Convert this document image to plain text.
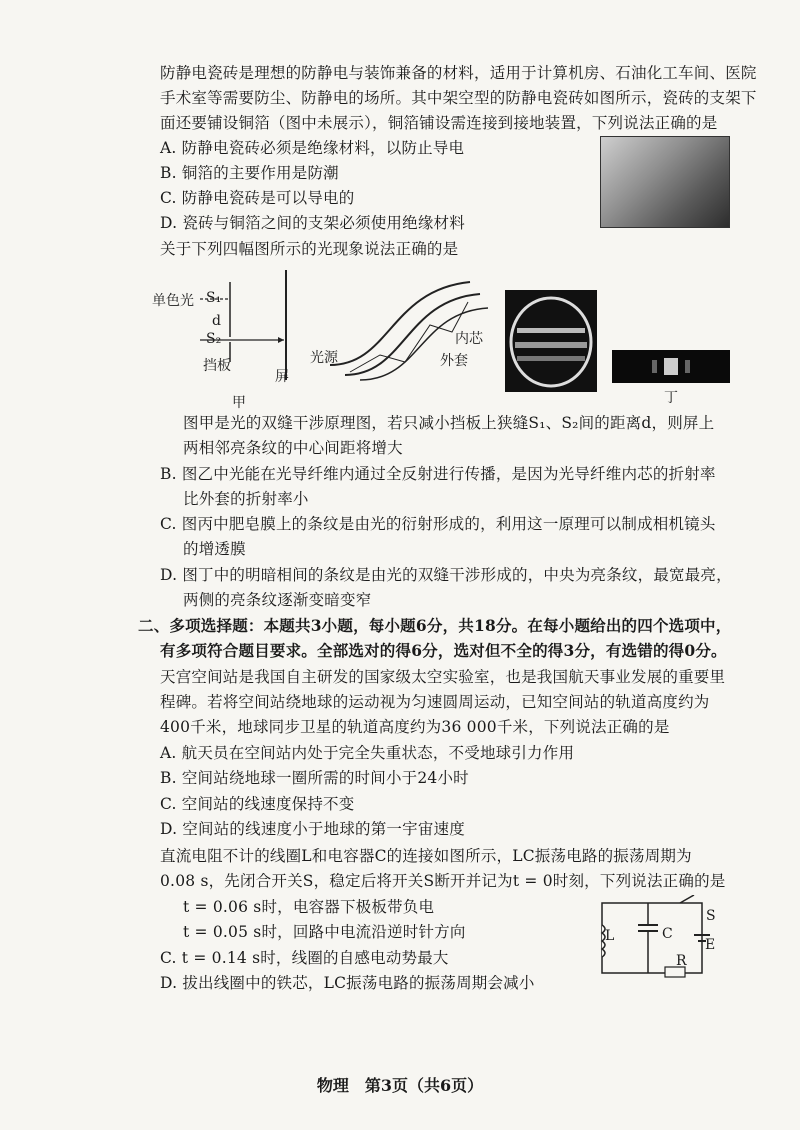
防静电瓷砖是理想的防静电与装饰兼备的材料，适用于计算机房、石油化工车间、医院
手术室等需要防尘、防静电的场所。其中架空型的防静电瓷砖如图所示，瓷砖的支架下
面还要铺设铜箔（图中未展示），铜箔铺设需连接到接地装置，下列说法正确的是
A. 防静电瓷砖必须是绝缘材料，以防止导电
B. 铜箔的主要作用是防潮
C. 防静电瓷砖是可以导电的
D. 瓷砖与铜箔之间的支架必须使用绝缘材料
关于下列四幅图所示的光现象说法正确的是
单色光 S₁
d
S₂
挡板
屏
甲
光源
内芯
外套
丁
图甲是光的双缝干涉原理图，若只减小挡板上狭缝S₁、S₂间的距离d，则屏上
两相邻亮条纹的中心间距将增大
B. 图乙中光能在光导纤维内通过全反射进行传播，是因为光导纤维内芯的折射率
比外套的折射率小
C. 图丙中肥皂膜上的条纹是由光的衍射形成的，利用这一原理可以制成相机镜头
的增透膜
D. 图丁中的明暗相间的条纹是由光的双缝干涉形成的，中央为亮条纹，最宽最亮，
两侧的亮条纹逐渐变暗变窄
二、多项选择题：本题共3小题，每小题6分，共18分。在每小题给出的四个选项中，
有多项符合题目要求。全部选对的得6分，选对但不全的得3分，有选错的得0分。
天宫空间站是我国自主研发的国家级太空实验室，也是我国航天事业发展的重要里
程碑。若将空间站绕地球的运动视为匀速圆周运动，已知空间站的轨道高度约为
400千米，地球同步卫星的轨道高度约为36 000千米，下列说法正确的是
A. 航天员在空间站内处于完全失重状态，不受地球引力作用
B. 空间站绕地球一圈所需的时间小于24小时
C. 空间站的线速度保持不变
D. 空间站的线速度小于地球的第一宇宙速度
直流电阻不计的线圈L和电容器C的连接如图所示，LC振荡电路的振荡周期为
0.08 s，先闭合开关S，稳定后将开关S断开并记为t = 0时刻，下列说法正确的是
t = 0.06 s时，电容器下极板带负电
t = 0.05 s时，回路中电流沿逆时针方向
C. t = 0.14 s时，线圈的自感电动势最大
D. 拔出线圈中的铁芯，LC振荡电路的振荡周期会减小
L	C
S
E
R
物理　第3页（共6页）
